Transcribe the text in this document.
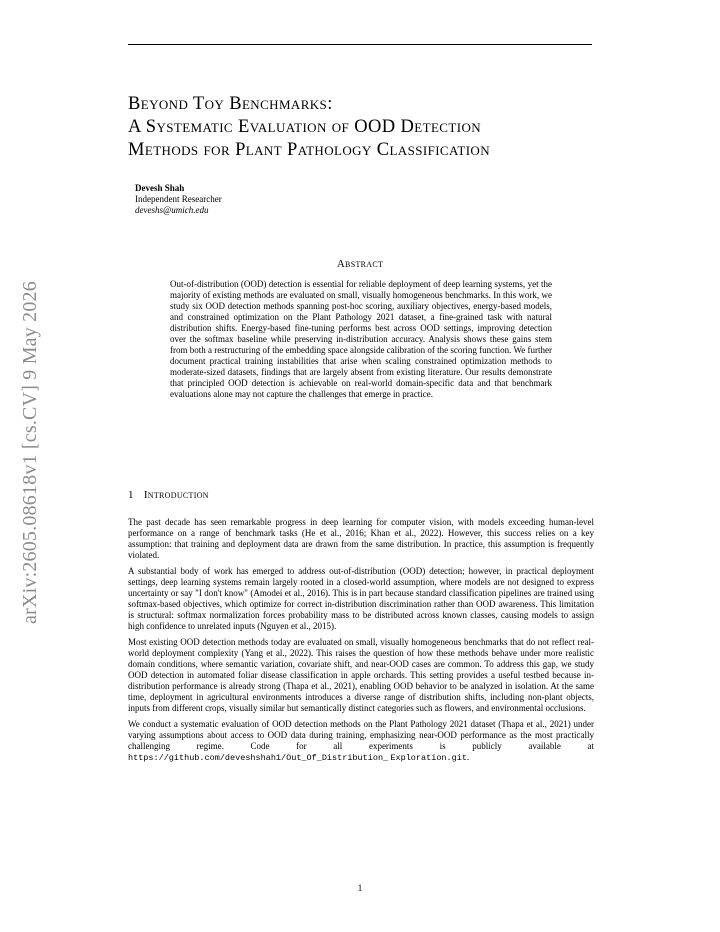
arXiv:2605.08618v1 [cs.CV] 9 May 2026
Beyond Toy Benchmarks:
A Systematic Evaluation of OOD Detection
Methods for Plant Pathology Classification
Devesh Shah
Independent Researcher
deveshs@umich.edu
Abstract

Out-of-distribution (OOD) detection is essential for reliable deployment of deep learning systems, yet the majority of existing methods are evaluated on small, visually homogeneous benchmarks. In this work, we study six OOD detection methods spanning post-hoc scoring, auxiliary objectives, energy-based models, and constrained optimization on the Plant Pathology 2021 dataset, a fine-grained task with natural distribution shifts. Energy-based fine-tuning performs best across OOD settings, improving detection over the softmax baseline while preserving in-distribution accuracy. Analysis shows these gains stem from both a restructuring of the embedding space alongside calibration of the scoring function. We further document practical training instabilities that arise when scaling constrained optimization methods to moderate-sized datasets, findings that are largely absent from existing literature. Our results demonstrate that principled OOD detection is achievable on real-world domain-specific data and that benchmark evaluations alone may not capture the challenges that emerge in practice.

1 Introduction

The past decade has seen remarkable progress in deep learning for computer vision, with models exceeding human-level performance on a range of benchmark tasks (He et al., 2016; Khan et al., 2022). However, this success relies on a key assumption: that training and deployment data are drawn from the same distribution. In practice, this assumption is frequently violated.

A substantial body of work has emerged to address out-of-distribution (OOD) detection; however, in practical deployment settings, deep learning systems remain largely rooted in a closed-world assumption, where models are not designed to express uncertainty or say "I don't know" (Amodei et al., 2016). This is in part because standard classification pipelines are trained using softmax-based objectives, which optimize for correct in-distribution discrimination rather than OOD awareness. This limitation is structural: softmax normalization forces probability mass to be distributed across known classes, causing models to assign high confidence to unrelated inputs (Nguyen et al., 2015).

Most existing OOD detection methods today are evaluated on small, visually homogeneous benchmarks that do not reflect real-world deployment complexity (Yang et al., 2022). This raises the question of how these methods behave under more realistic domain conditions, where semantic variation, covariate shift, and near-OOD cases are common. To address this gap, we study OOD detection in automated foliar disease classification in apple orchards. This setting provides a useful testbed because in-distribution performance is already strong (Thapa et al., 2021), enabling OOD behavior to be analyzed in isolation. At the same time, deployment in agricultural environments introduces a diverse range of distribution shifts, including non-plant objects, inputs from different crops, visually similar but semantically distinct categories such as flowers, and environmental occlusions.

We conduct a systematic evaluation of OOD detection methods on the Plant Pathology 2021 dataset (Thapa et al., 2021) under varying assumptions about access to OOD data during training, emphasizing near-OOD performance as the most practically challenging regime. Code for all experiments is publicly available at https://github.com/deveshshah1/Out_Of_Distribution_ Exploration.git.

1
